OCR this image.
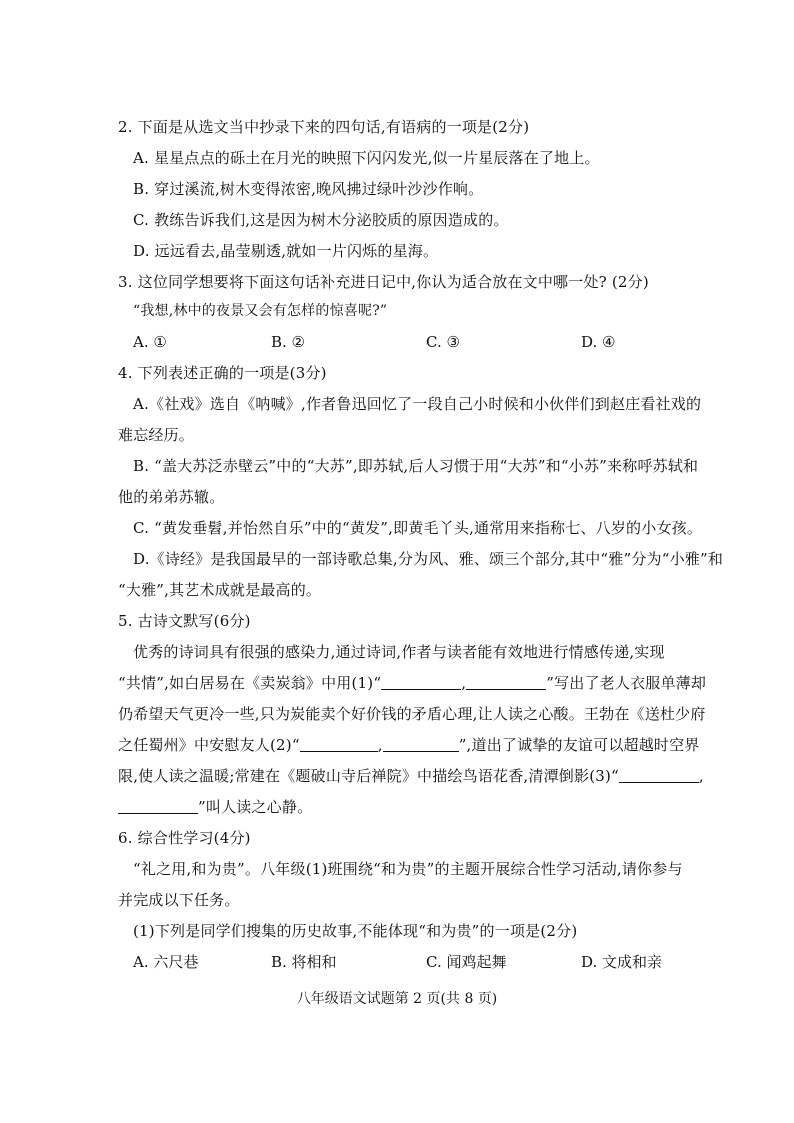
2. 下面是从选文当中抄录下来的四句话,有语病的一项是(2分)
A. 星星点点的砾土在月光的映照下闪闪发光,似一片星辰落在了地上。
B. 穿过溪流,树木变得浓密,晚风拂过绿叶沙沙作响。
C. 教练告诉我们,这是因为树木分泌胶质的原因造成的。
D. 远远看去,晶莹剔透,就如一片闪烁的星海。
3. 这位同学想要将下面这句话补充进日记中,你认为适合放在文中哪一处? (2分)
“我想,林中的夜景又会有怎样的惊喜呢?”
A. ①	B. ②	C. ③	D. ④
4. 下列表述正确的一项是(3分)
A.《社戏》选自《呐喊》,作者鲁迅回忆了一段自己小时候和小伙伴们到赵庄看社戏的
难忘经历。
B. “盖大苏泛赤壁云”中的“大苏”,即苏轼,后人习惯于用“大苏”和“小苏”来称呼苏轼和
他的弟弟苏辙。
C. “黄发垂髫,并怡然自乐”中的“黄发”,即黄毛丫头,通常用来指称七、八岁的小女孩。
D.《诗经》是我国最早的一部诗歌总集,分为风、雅、颂三个部分,其中“雅”分为“小雅”和
“大雅”,其艺术成就是最高的。
5. 古诗文默写(6分)
优秀的诗词具有很强的感染力,通过诗词,作者与读者能有效地进行情感传递,实现
“共情”,如白居易在《卖炭翁》中用(1)“	,	”写出了老人衣服单薄却
仍希望天气更冷一些,只为炭能卖个好价钱的矛盾心理,让人读之心酸。王勃在《送杜少府
之任蜀州》中安慰友人(2)“	,	”,道出了诚挚的友谊可以超越时空界
限,使人读之温暖;常建在《题破山寺后禅院》中描绘鸟语花香,清潭倒影(3)“	,
”叫人读之心静。
6. 综合性学习(4分)
“礼之用,和为贵”。八年级(1)班围绕“和为贵”的主题开展综合性学习活动,请你参与
并完成以下任务。
(1)下列是同学们搜集的历史故事,不能体现“和为贵”的一项是(2分)
A. 六尺巷	B. 将相和	C. 闻鸡起舞	D. 文成和亲
八年级语文试题第 2 页(共 8 页)
